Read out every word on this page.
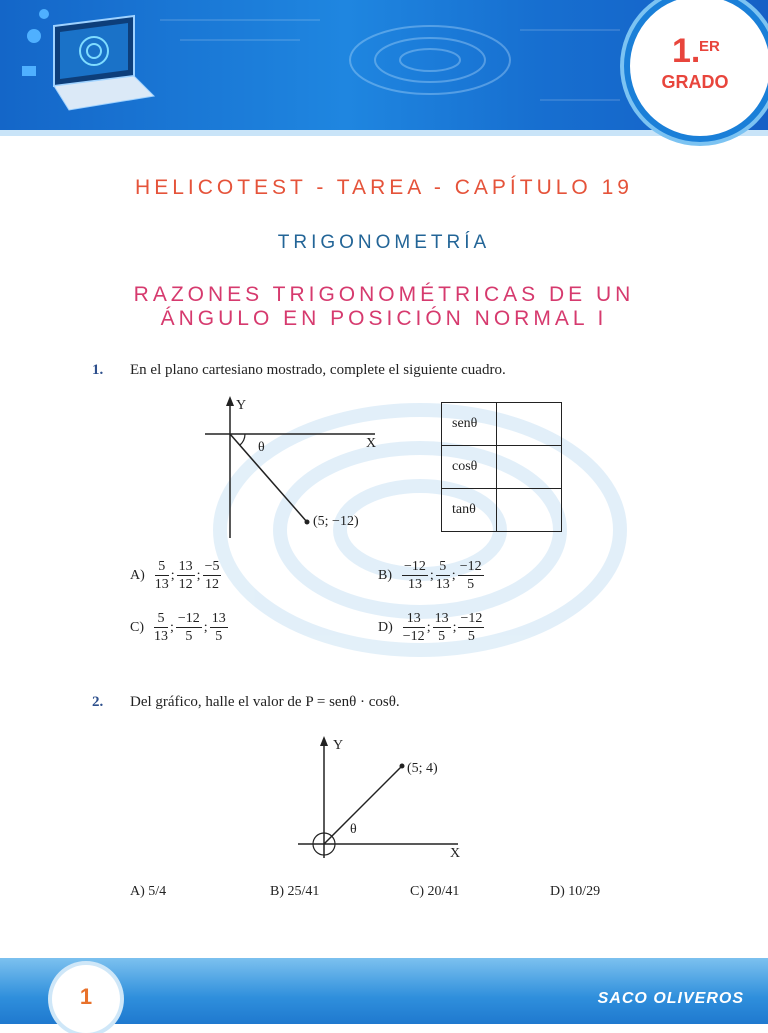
1.
ER
GRADO
HELICOTEST - TAREA - CAPÍTULO 19
TRIGONOMETRÍA
RAZONES TRIGONOMÉTRICAS DE UN
ÁNGULO EN POSICIÓN NORMAL I
1. En el plano cartesiano mostrado, complete el siguiente cuadro.
Y
X
θ
(5; −12)
senθ	
cosθ	
tanθ	
$A) \frac{5}{13}$ ; $\frac{13}{12}$ ; $\frac{-5}{12}$	$B) \frac{-12}{13}$ ; $\frac{5}{13}$ ; $\frac{-12}{5}$
$C) \frac{5}{13}$ ; $\frac{-12}{5}$ ; $\frac{13}{5}$	$D) \frac{13}{-12}$ ; $\frac{13}{5}$ ; $\frac{-12}{5}$
2. Del gráfico, halle el valor de P = senθ · cosθ.
Y
X
θ
(5; 4)
A) 5/4	B) 25/41	C) 20/41	D) 10/29
1	SACO OLIVEROS
